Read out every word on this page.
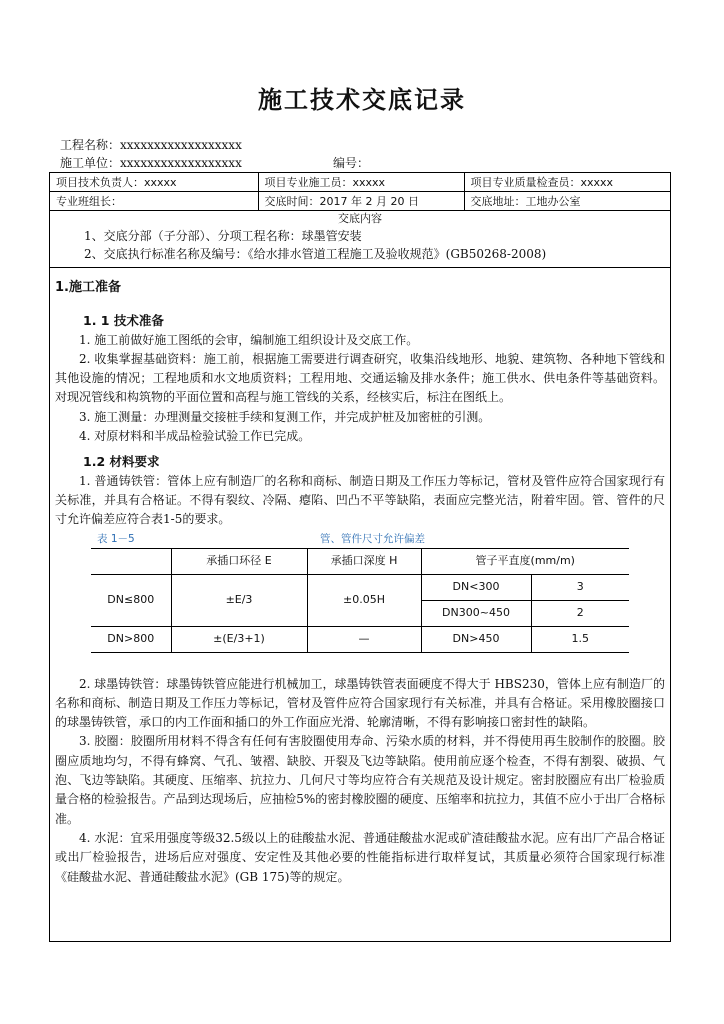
施工技术交底记录
工程名称：xxxxxxxxxxxxxxxxxx
施工单位：xxxxxxxxxxxxxxxxxx	编号：
项目技术负责人：xxxxx	项目专业施工员：xxxxx	项目专业质量检查员：xxxxx
专业班组长：	交底时间：2017 年 2 月 20 日	交底地址：工地办公室
交底内容
1、交底分部（子分部）、分项工程名称：球墨管安装
2、交底执行标准名称及编号：《给水排水管道工程施工及验收规范》(GB50268-2008)
1.施工准备
1. 1 技术准备
1. 施工前做好施工图纸的会审，编制施工组织设计及交底工作。
2. 收集掌握基础资料：施工前，根据施工需要进行调查研究，收集沿线地形、地貌、建筑物、各种地下管线和其他设施的情况；工程地质和水文地质资料；工程用地、交通运输及排水条件；施工供水、供电条件等基础资料。对现况管线和构筑物的平面位置和高程与施工管线的关系，经核实后，标注在图纸上。
3. 施工测量：办理测量交接桩手续和复测工作，并完成护桩及加密桩的引测。
4. 对原材料和半成品检验试验工作已完成。
1.2 材料要求
1. 普通铸铁管：管体上应有制造厂的名称和商标、制造日期及工作压力等标记，管材及管件应符合国家现行有关标准，并具有合格证。不得有裂纹、冷隔、瘪陷、凹凸不平等缺陷，表面应完整光洁，附着牢固。管、管件的尺寸允许偏差应符合表1-5的要求。
表 1－5	管、管件尺寸允许偏差
	承插口环径 E	承插口深度 H	管子平直度(mm/m)	
DN≤800	±E/3	±0.05H	DN<300	3
			DN300~450	2
DN>800	±(E/3+1)	—	DN>450	1.5
2. 球墨铸铁管：球墨铸铁管应能进行机械加工，球墨铸铁管表面硬度不得大于 HBS230，管体上应有制造厂的名称和商标、制造日期及工作压力等标记，管材及管件应符合国家现行有关标准，并具有合格证。采用橡胶圈接口的球墨铸铁管，承口的内工作面和插口的外工作面应光滑、轮廓清晰，不得有影响接口密封性的缺陷。
3. 胶圈：胶圈所用材料不得含有任何有害胶圈使用寿命、污染水质的材料，并不得使用再生胶制作的胶圈。胶圈应质地均匀，不得有蜂窝、气孔、皱褶、缺胶、开裂及飞边等缺陷。使用前应逐个检查，不得有割裂、破损、气泡、飞边等缺陷。其硬度、压缩率、抗拉力、几何尺寸等均应符合有关规范及设计规定。密封胶圈应有出厂检验质量合格的检验报告。产品到达现场后，应抽检5%的密封橡胶圈的硬度、压缩率和抗拉力，其值不应小于出厂合格标准。
4. 水泥：宜采用强度等级32.5级以上的硅酸盐水泥、普通硅酸盐水泥或矿渣硅酸盐水泥。应有出厂产品合格证或出厂检验报告，进场后应对强度、安定性及其他必要的性能指标进行取样复试，其质量必须符合国家现行标准《硅酸盐水泥、普通硅酸盐水泥》(GB 175)等的规定。
